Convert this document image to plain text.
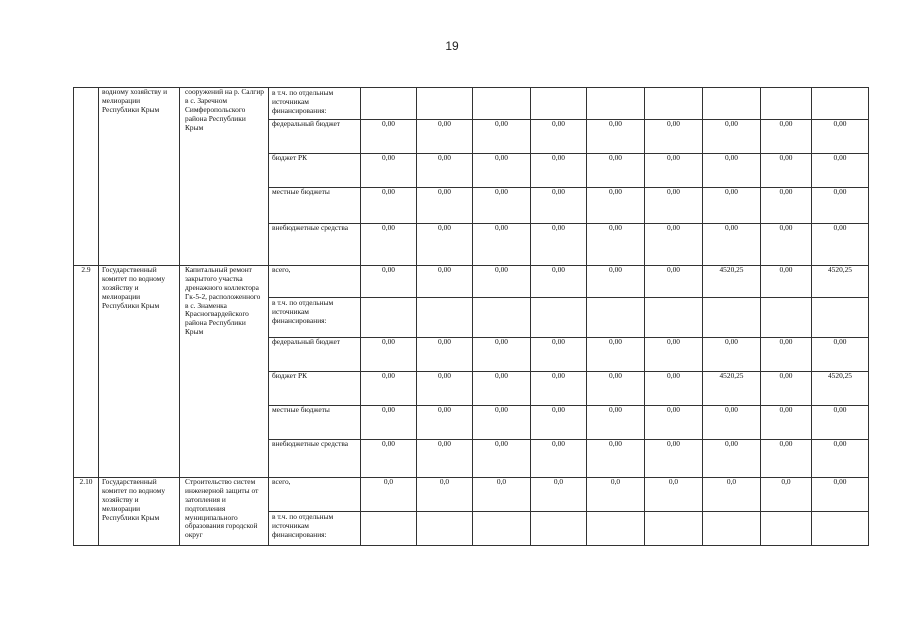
19

	водному хозяйству и мелиорации Республики Крым	сооружений на р. Салгир в с. Заречном Симферопольского района Республики Крым	в т.ч. по отдельным источникам финансирования:									
			федеральный бюджет	0,00	0,00	0,00	0,00	0,00	0,00	0,00	0,00	0,00
			бюджет РК	0,00	0,00	0,00	0,00	0,00	0,00	0,00	0,00	0,00
			местные бюджеты	0,00	0,00	0,00	0,00	0,00	0,00	0,00	0,00	0,00
			внебюджетные средства	0,00	0,00	0,00	0,00	0,00	0,00	0,00	0,00	0,00
2.9	Государственный комитет по водному хозяйству и мелиорации Республики Крым	Капитальный ремонт закрытого участка дренажного коллектора Гк-5-2, расположенного в с. Знаменка Красногвардейского района Республики Крым	всего,	0,00	0,00	0,00	0,00	0,00	0,00	4520,25	0,00	4520,25
			в т.ч. по отдельным источникам финансирования:									
			федеральный бюджет	0,00	0,00	0,00	0,00	0,00	0,00	0,00	0,00	0,00
			бюджет РК	0,00	0,00	0,00	0,00	0,00	0,00	4520,25	0,00	4520,25
			местные бюджеты	0,00	0,00	0,00	0,00	0,00	0,00	0,00	0,00	0,00
			внебюджетные средства	0,00	0,00	0,00	0,00	0,00	0,00	0,00	0,00	0,00
2.10	Государственный комитет по водному хозяйству и мелиорации Республики Крым	Строительство систем инженерной защиты от затопления и подтопления муниципального образования городской округ	всего,	0,0	0,0	0,0	0,0	0,0	0,0	0,0	0,0	0,00
			в т.ч. по отдельным источникам финансирования:									
